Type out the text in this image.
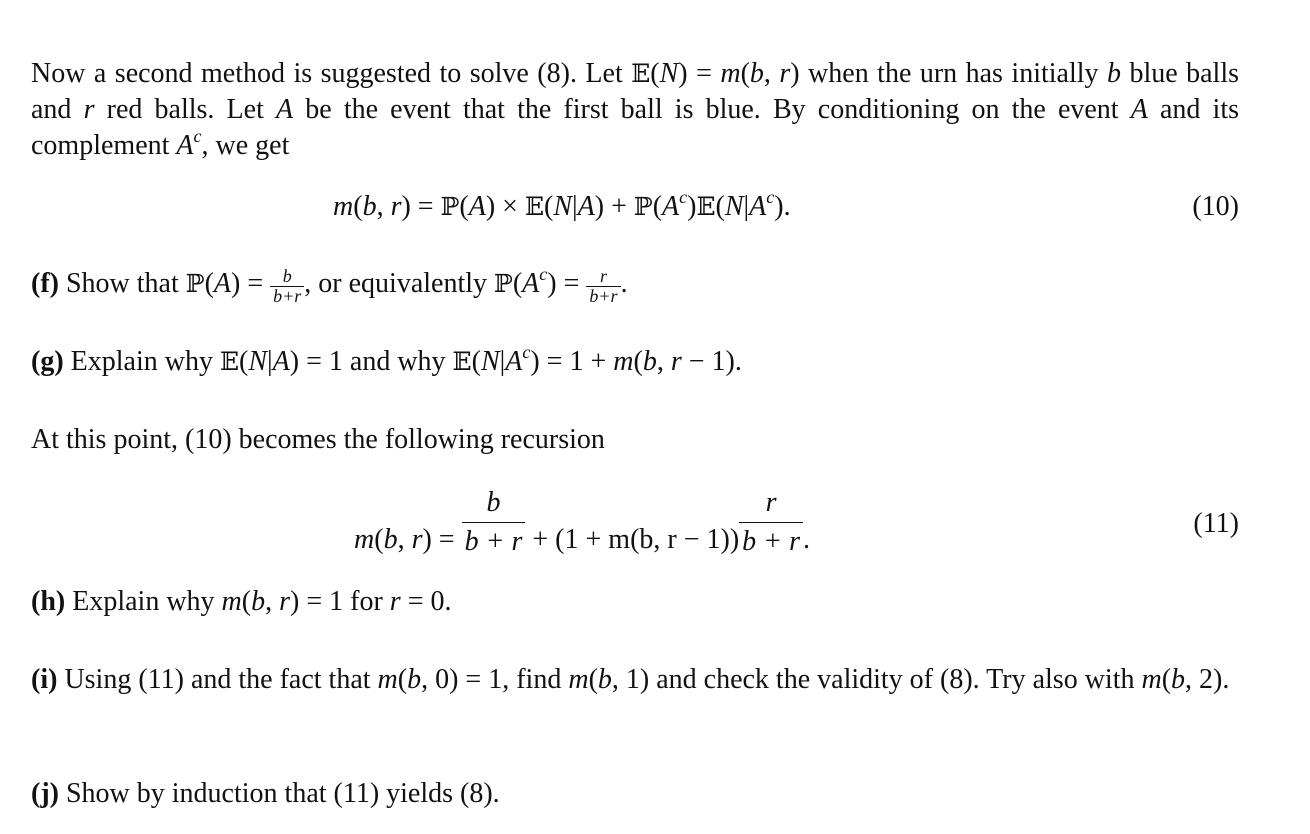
Now a second method is suggested to solve (8). Let 𝔼(N) = m(b, r) when the urn has initially b blue balls and r red balls. Let A be the event that the first ball is blue. By conditioning on the event A and its complement $A^c$, we get
m(b, r) = ℙ(A) × 𝔼(N|A) + $ℙ(A^c)𝔼(N|A^c)$.	(10)
(f) Show that ℙ(A) = $\frac{b}{b+r}$ , or equivalently $ℙ(A^c) = \frac{r}{b+r}$ .
(g) Explain why 𝔼(N|A) = 1 and why $𝔼(N|A^c) = 1 + m(b$, r − 1).
At this point, (10) becomes the following recursion
m(b, $r) = \frac{b}{b + r} + (1 + m(b$, $r - 1)) \frac{r}{b + r}$ .
(11)
(h) Explain why m(b, r) = 1 for r = 0.
(i) Using (11) and the fact that m(b, 0) = 1, find m(b, 1) and check the validity of (8). Try also with m(b, 2).
(j) Show by induction that (11) yields (8).
